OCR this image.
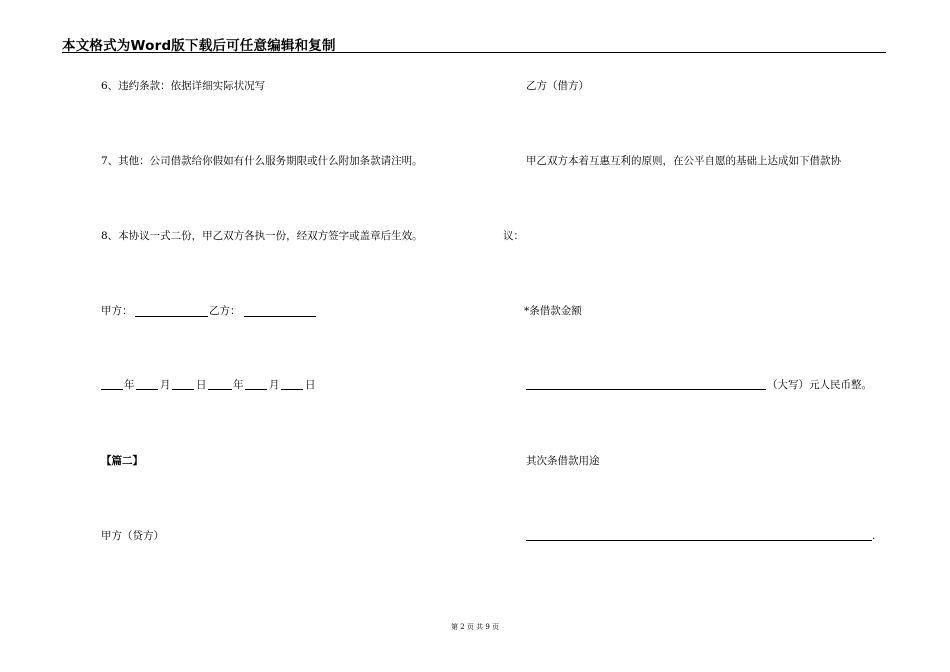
本文格式为Word版下载后可任意编辑和复制
6、违约条款：依据详细实际状况写
7、其他：公司借款给你假如有什么服务期限或什么附加条款请注明。
8、本协议一式二份，甲乙双方各执一份，经双方签字或盖章后生效。
甲方：	乙方：
年 月 日	年 月 日
【篇二】
甲方（贷方）
乙方（借方）
甲乙双方本着互惠互利的原则，在公平自愿的基础上达成如下借款协
议：
*条借款金额
（大写）元人民币整。
其次条借款用途
.
第 2 页 共 9 页
